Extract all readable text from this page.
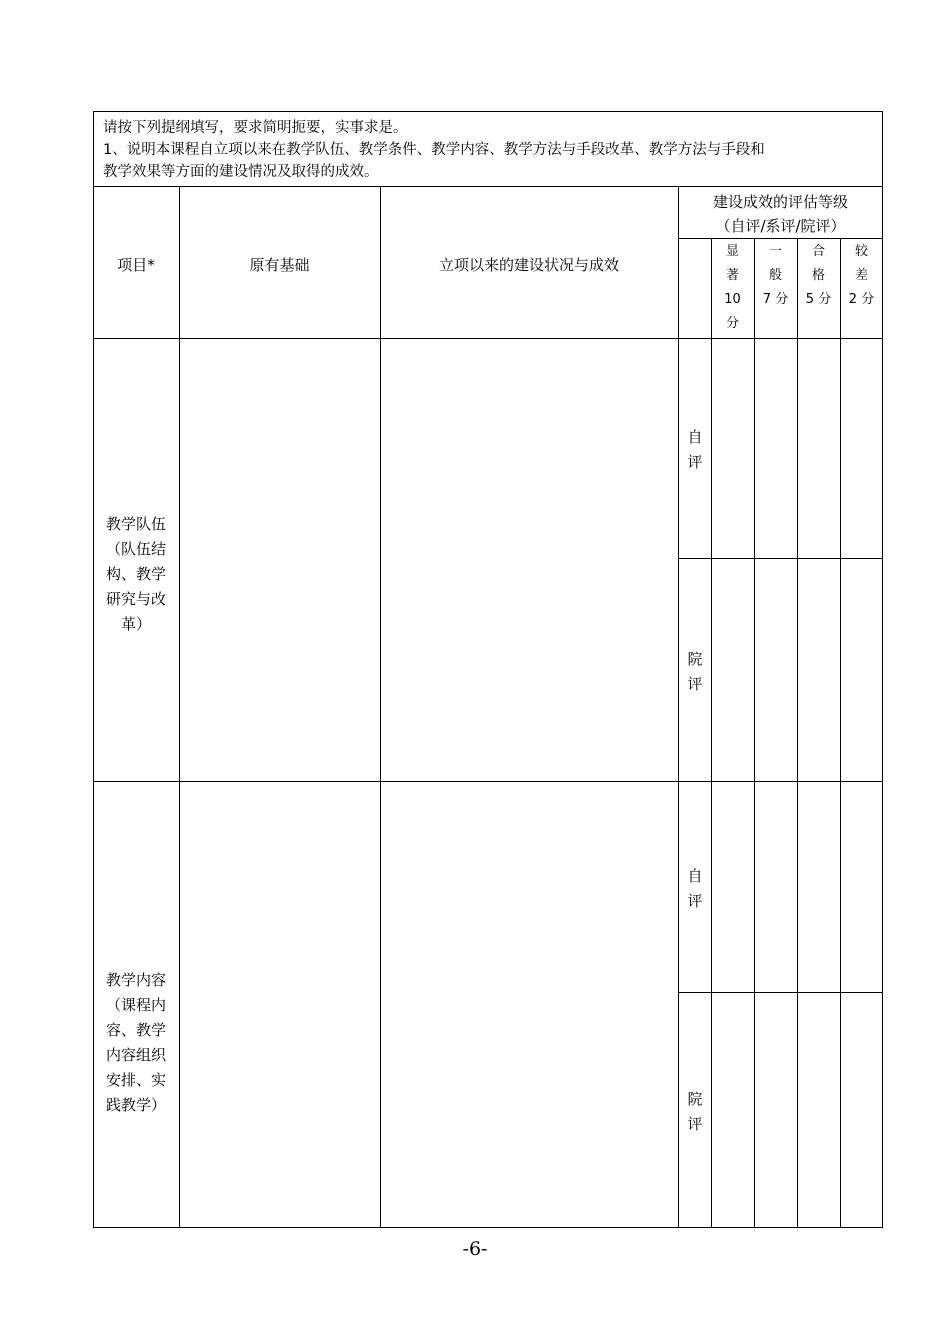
请按下列提纲填写，要求简明扼要，实事求是。
1、说明本课程自立项以来在教学队伍、教学条件、教学内容、教学方法与手段改革、教学方法与手段和
教学效果等方面的建设情况及取得的成效。
项目*	原有基础	立项以来的建设状况与成效
建设成效的评估等级
（自评/系评/院评）
显
著
10
分
一
般
7 分
合
格
5 分
较
差
2 分
教学队伍
（队伍结
构、教学
研究与改
革）
自
评
院
评
教学内容
（课程内
容、教学
内容组织
安排、实
践教学）
自
评
院
评
-6-
